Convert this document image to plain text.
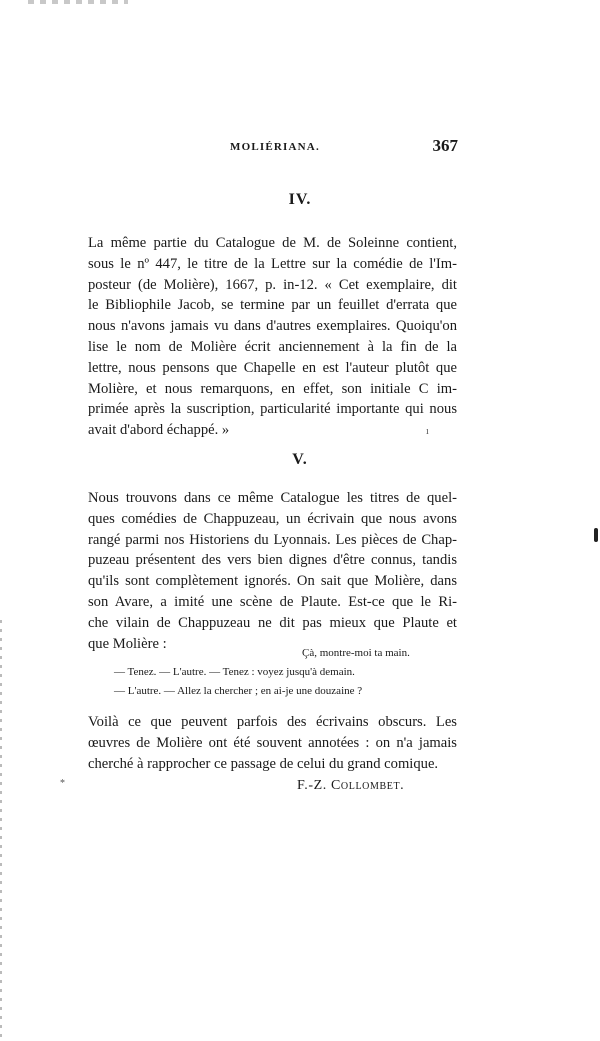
ı
*
MOLIÉRIANA.	367
IV.
La même partie du Catalogue de M. de Soleinne contient,
sous le nº 447, le titre de la Lettre sur la comédie de l'Im-
posteur (de Molière), 1667, p. in-12. « Cet exemplaire, dit
le Bibliophile Jacob, se termine par un feuillet d'errata que
nous n'avons jamais vu dans d'autres exemplaires. Quoiqu'on
lise le nom de Molière écrit anciennement à la fin de la
lettre, nous pensons que Chapelle en est l'auteur plutôt que
Molière, et nous remarquons, en effet, son initiale C im-
primée après la suscription, particularité importante qui nous
avait d'abord échappé. »
V.
Nous trouvons dans ce même Catalogue les titres de quel-
ques comédies de Chappuzeau, un écrivain que nous avons
rangé parmi nos Historiens du Lyonnais. Les pièces de Chap-
puzeau présentent des vers bien dignes d'être connus, tandis
qu'ils sont complètement ignorés. On sait que Molière, dans
son Avare, a imité une scène de Plaute. Est-ce que le Ri-
che vilain de Chappuzeau ne dit pas mieux que Plaute et
que Molière :
Çà, montre-moi ta main.
— Tenez. — L'autre. — Tenez : voyez jusqu'à demain.
— L'autre. — Allez la chercher ; en ai-je une douzaine ?
Voilà ce que peuvent parfois des écrivains obscurs. Les
œuvres de Molière ont été souvent annotées : on n'a jamais
cherché à rapprocher ce passage de celui du grand comique.
F.-Z. Collombet.
